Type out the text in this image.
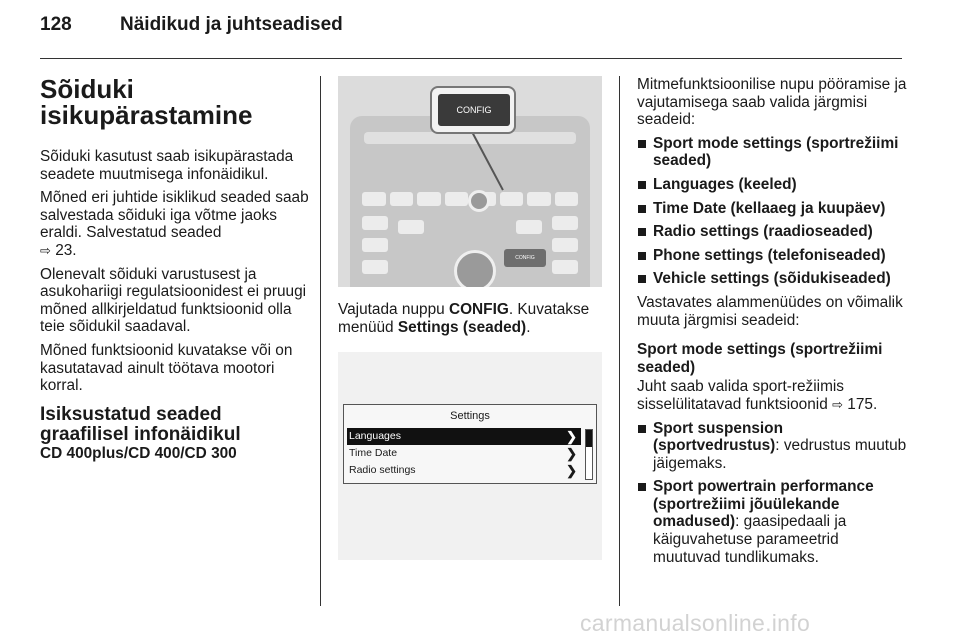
128	Näidikud ja juhtseadised
Sõiduki
isikupärastamine

Sõiduki kasutust saab isikupärastada seadete muutmisega infonäidikul.

Mõned eri juhtide isiklikud seaded saab salvestada sõiduki iga võtme jaoks eraldi. Salvestatud seaded
⇨ 23.

Olenevalt sõiduki varustusest ja asukohariigi regulatsioonidest ei pruugi mõned allkirjeldatud funktsioonid olla teie sõidukil saadaval.

Mõned funktsioonid kuvatakse või on kasutatavad ainult töötava mootori korral.

Isiksustatud seaded graafilisel infonäidikul
CD 400plus/CD 400/CD 300
CONFIG
CONFIG

Vajutada nuppu CONFIG. Kuvatakse menüüd Settings (seaded).

Settings
Languages	❯
Time Date	❯
Radio settings	❯

Mitmefunktsioonilise nupu pööramise ja vajutamisega saab valida järgmisi seadeid:

Sport mode settings (sportrežiimi seaded)
Languages (keeled)
Time Date (kellaaeg ja kuupäev)
Radio settings (raadioseaded)
Phone settings (telefoniseaded)
Vehicle settings (sõidukiseaded)

Vastavates alammenüüdes on võimalik muuta järgmisi seadeid:

Sport mode settings (sportrežiimi seaded)

Juht saab valida sport-režiimis sisselülitatavad funktsioonid ⇨ 175.

Sport suspension (sportvedrustus): vedrustus muutub jäigemaks.
Sport powertrain performance (sportrežiimi jõuülekande omadused): gaasipedaali ja käiguvahetuse parameetrid muutuvad tundlikumaks.
carmanualsonline.info
